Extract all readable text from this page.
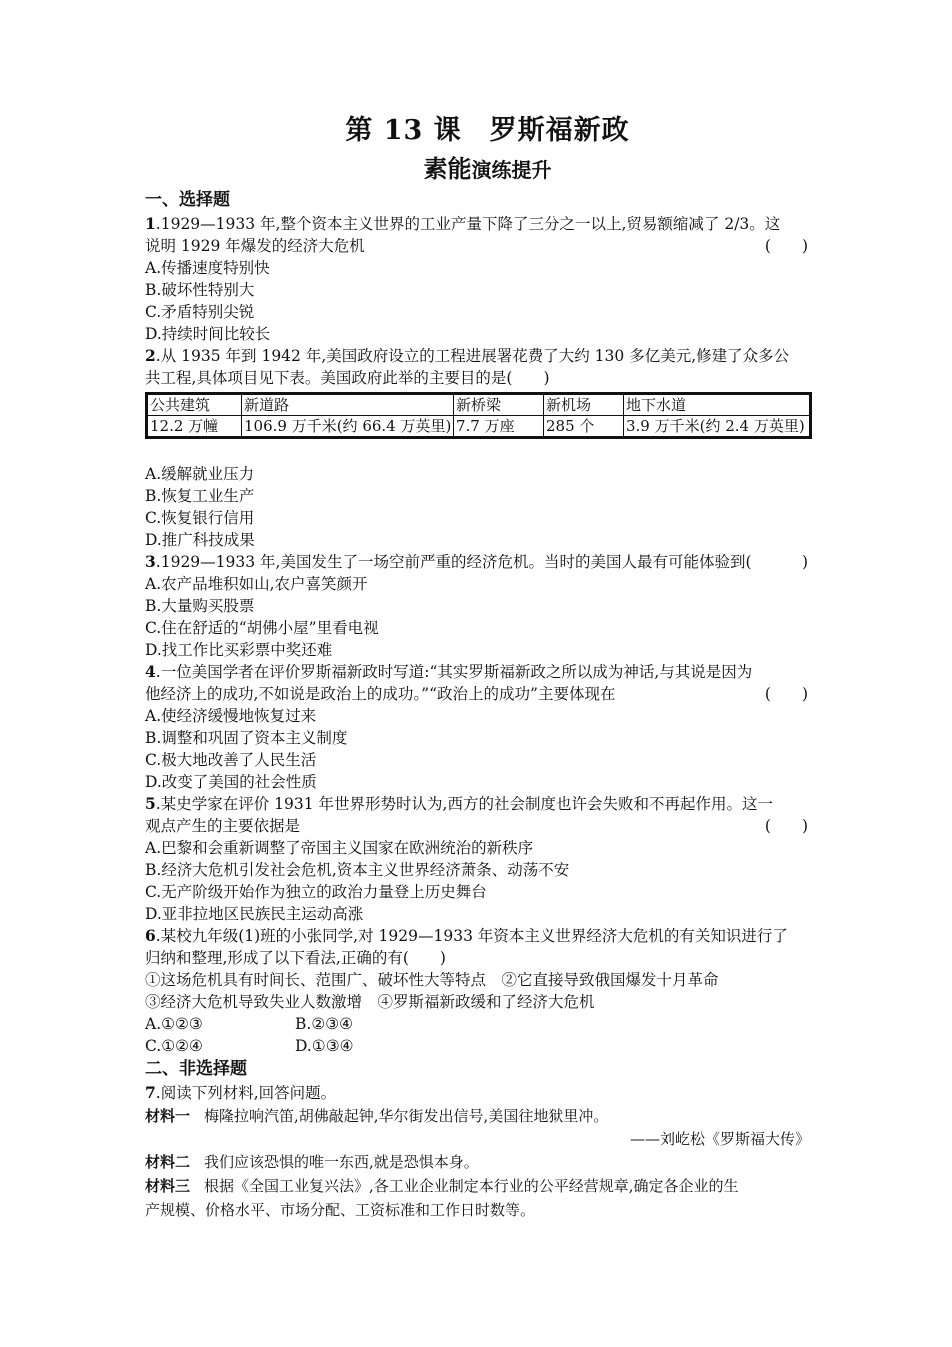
第 13 课　罗斯福新政
素能演练提升
一、选择题
1.1929—1933 年,整个资本主义世界的工业产量下降了三分之一以上,贸易额缩减了 2/3。这
说明 1929 年爆发的经济大危机	(　　)
A.传播速度特别快
B.破坏性特别大
C.矛盾特别尖锐
D.持续时间比较长
2.从 1935 年到 1942 年,美国政府设立的工程进展署花费了大约 130 多亿美元,修建了众多公
共工程,具体项目见下表。美国政府此举的主要目的是(　　)
公共建筑	新道路	新桥梁	新机场	地下水道
12.2 万幢	106.9 万千米(约 66.4 万英里)	7.7 万座	285 个	3.9 万千米(约 2.4 万英里)
A.缓解就业压力
B.恢复工业生产
C.恢复银行信用
D.推广科技成果
3.1929—1933 年,美国发生了一场空前严重的经济危机。当时的美国人最有可能体验到(	)
A.农产品堆积如山,农户喜笑颜开
B.大量购买股票
C.住在舒适的“胡佛小屋”里看电视
D.找工作比买彩票中奖还难
4.一位美国学者在评价罗斯福新政时写道:“其实罗斯福新政之所以成为神话,与其说是因为
他经济上的成功,不如说是政治上的成功。”“政治上的成功”主要体现在	(　　)
A.使经济缓慢地恢复过来
B.调整和巩固了资本主义制度
C.极大地改善了人民生活
D.改变了美国的社会性质
5.某史学家在评价 1931 年世界形势时认为,西方的社会制度也许会失败和不再起作用。这一
观点产生的主要依据是	(　　)
A.巴黎和会重新调整了帝国主义国家在欧洲统治的新秩序
B.经济大危机引发社会危机,资本主义世界经济萧条、动荡不安
C.无产阶级开始作为独立的政治力量登上历史舞台
D.亚非拉地区民族民主运动高涨
6.某校九年级(1)班的小张同学,对 1929—1933 年资本主义世界经济大危机的有关知识进行了
归纳和整理,形成了以下看法,正确的有(　　)
①这场危机具有时间长、范围广、破坏性大等特点　②它直接导致俄国爆发十月革命
③经济大危机导致失业人数激增　④罗斯福新政缓和了经济大危机
A.①②③	B.②③④
C.①②④	D.①③④
二、非选择题
7.阅读下列材料,回答问题。
材料一 梅隆拉响汽笛,胡佛敲起钟,华尔街发出信号,美国往地狱里冲。
——刘屹松《罗斯福大传》
材料二 我们应该恐惧的唯一东西,就是恐惧本身。
材料三 根据《全国工业复兴法》,各工业企业制定本行业的公平经营规章,确定各企业的生
产规模、价格水平、市场分配、工资标准和工作日时数等。
